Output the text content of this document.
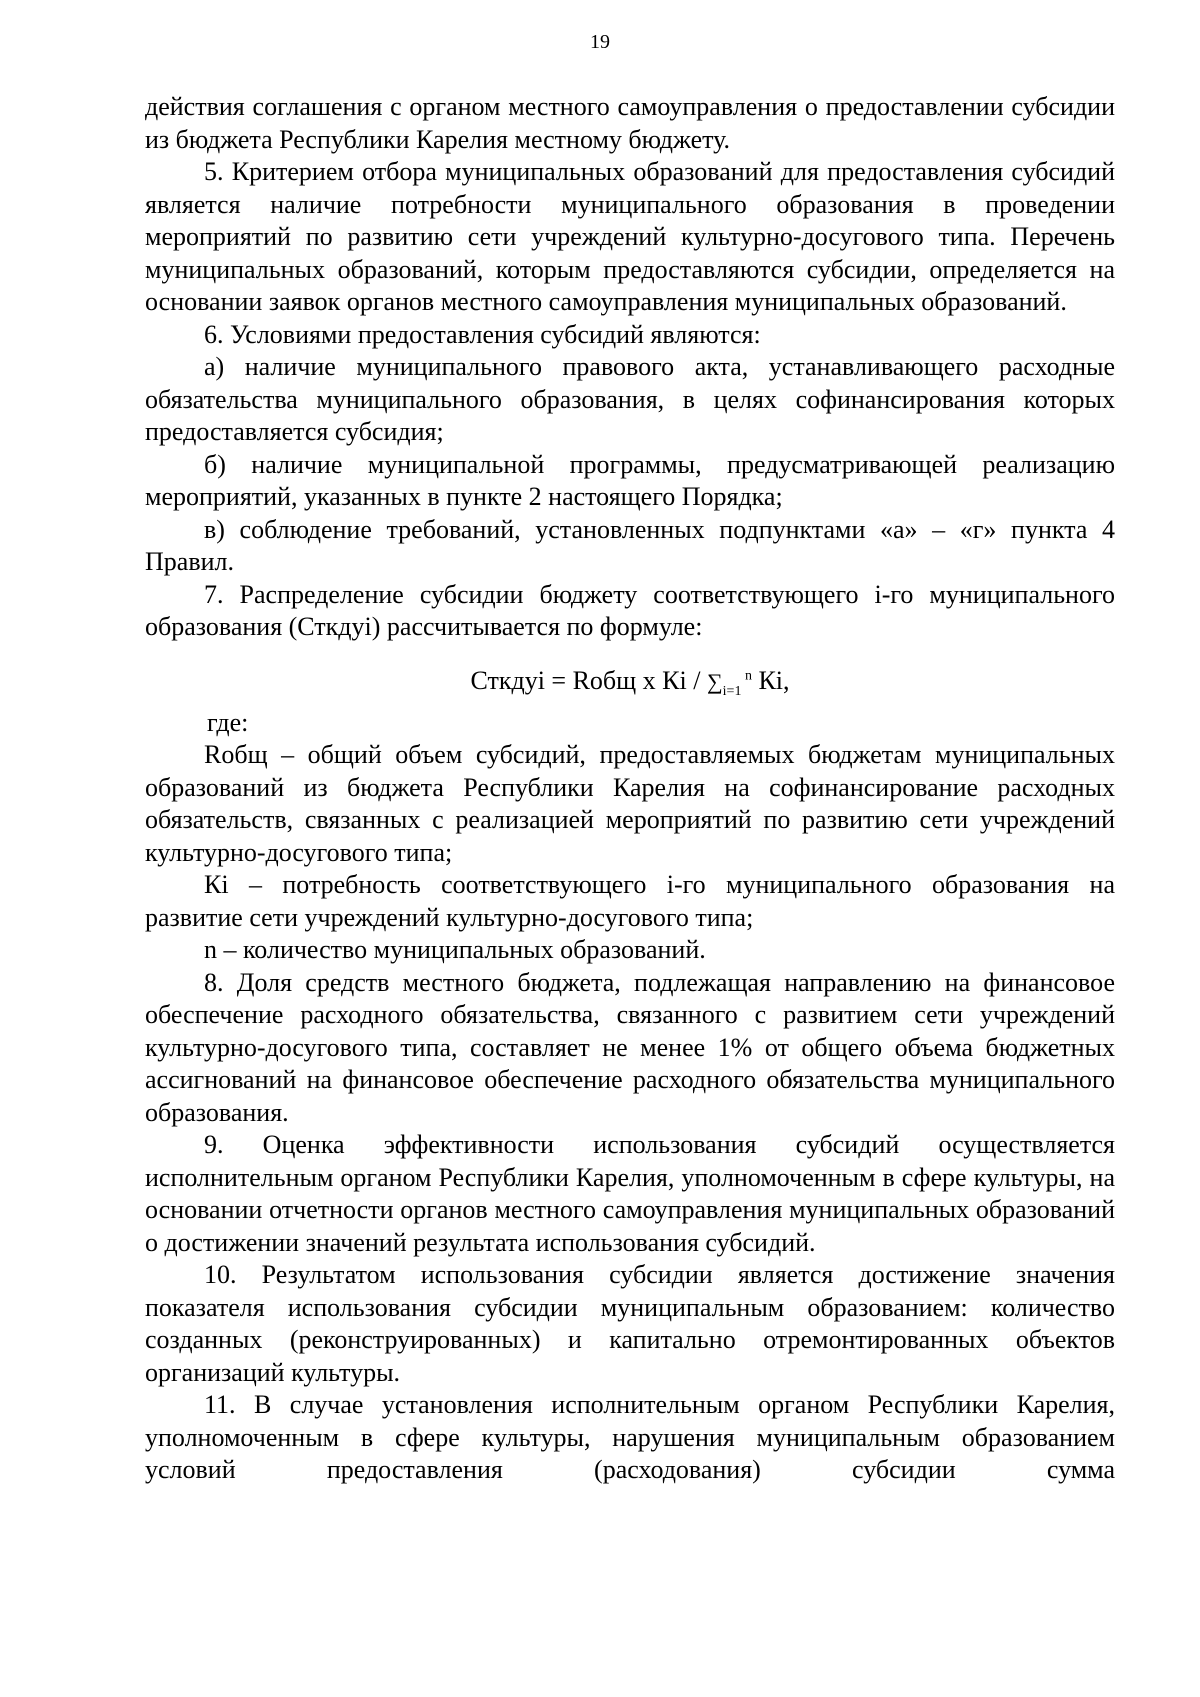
19

действия соглашения с органом местного самоуправления о предоставлении субсидии из бюджета Республики Карелия местному бюджету.

5. Критерием отбора муниципальных образований для предоставления субсидий является наличие потребности муниципального образования в проведении мероприятий по развитию сети учреждений культурно-досугового типа. Перечень муниципальных образований, которым предоставляются субсидии, определяется на основании заявок органов местного самоуправления муниципальных образований.

6. Условиями предоставления субсидий являются:

а) наличие муниципального правового акта, устанавливающего расходные обязательства муниципального образования, в целях софинансирования которых предоставляется субсидия;

б) наличие муниципальной программы, предусматривающей реализацию мероприятий, указанных в пункте 2 настоящего Порядка;

в) соблюдение требований, установленных подпунктами «а» – «г» пункта 4 Правил.

7. Распределение субсидии бюджету соответствующего i-го муниципального образования (Сткдуi) рассчитывается по формуле:

Сткдуi = Rобщ х Кi / $\sum_{i=1}$ $^n$ Кi,

где:

Rобщ – общий объем субсидий, предоставляемых бюджетам муниципальных образований из бюджета Республики Карелия на софинансирование расходных обязательств, связанных с реализацией мероприятий по развитию сети учреждений культурно-досугового типа;

Кi – потребность соответствующего i-го муниципального образования на развитие сети учреждений культурно-досугового типа;

n – количество муниципальных образований.

8. Доля средств местного бюджета, подлежащая направлению на финансовое обеспечение расходного обязательства, связанного с развитием сети учреждений культурно-досугового типа, составляет не менее 1% от общего объема бюджетных ассигнований на финансовое обеспечение расходного обязательства муниципального образования.

9. Оценка эффективности использования субсидий осуществляется исполнительным органом Республики Карелия, уполномоченным в сфере культуры, на основании отчетности органов местного самоуправления муниципальных образований о достижении значений результата использования субсидий.

10. Результатом использования субсидии является достижение значения показателя использования субсидии муниципальным образованием: количество созданных (реконструированных) и капитально отремонтированных объектов организаций культуры.

11. В случае установления исполнительным органом Республики Карелия, уполномоченным в сфере культуры, нарушения муниципальным образованием условий предоставления (расходования) субсидии сумма
